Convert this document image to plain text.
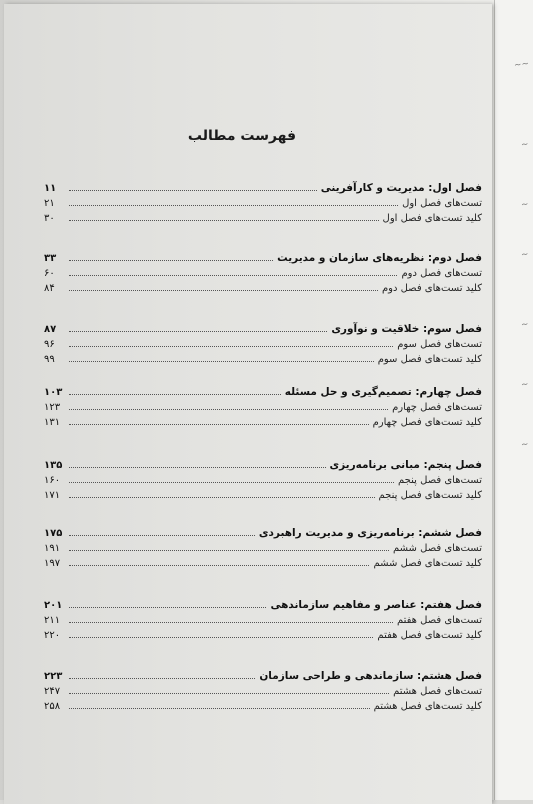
~~
~
~
~
~
~
~
فهرست مطالب
فصل اول: مدیریت و کارآفرینی
۱۱
تست‌های فصل اول
۲۱
کلید تست‌های فصل اول
۳۰
فصل دوم: نظریه‌های سازمان و مدیریت
۳۳
تست‌های فصل دوم
۶۰
کلید تست‌های فصل دوم
۸۴
فصل سوم: خلاقیت و نوآوری
۸۷
تست‌های فصل سوم
۹۶
کلید تست‌های فصل سوم
۹۹
فصل چهارم: تصمیم‌گیری و حل مسئله
۱۰۳
تست‌های فصل چهارم
۱۲۳
کلید تست‌های فصل چهارم
۱۳۱
فصل پنجم: مبانی برنامه‌ریزی
۱۳۵
تست‌های فصل پنجم
۱۶۰
کلید تست‌های فصل پنجم
۱۷۱
فصل ششم: برنامه‌ریزی و مدیریت راهبردی
۱۷۵
تست‌های فصل ششم
۱۹۱
کلید تست‌های فصل ششم
۱۹۷
فصل هفتم: عناصر و مفاهیم سازماندهی
۲۰۱
تست‌های فصل هفتم
۲۱۱
کلید تست‌های فصل هفتم
۲۲۰
فصل هشتم: سازماندهی و طراحی سازمان
۲۲۳
تست‌های فصل هشتم
۲۴۷
کلید تست‌های فصل هشتم
۲۵۸
